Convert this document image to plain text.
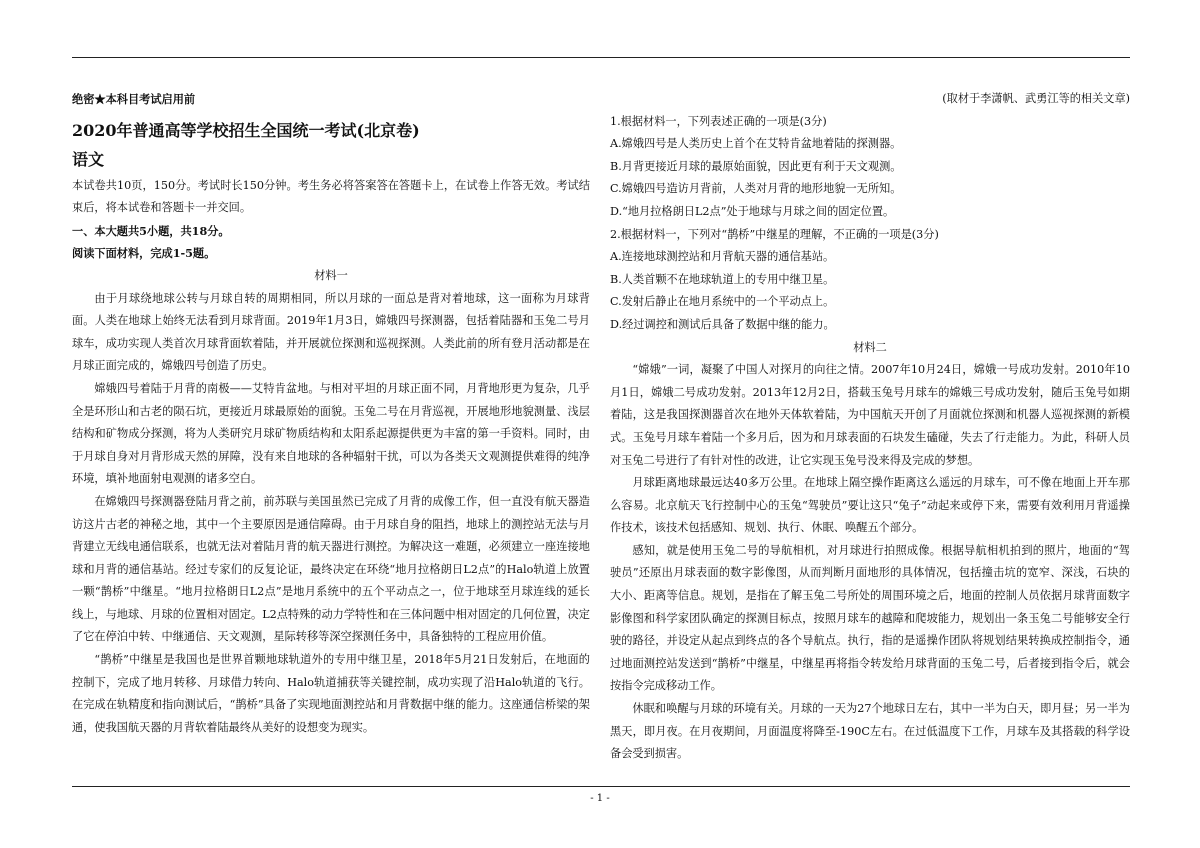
绝密★本科目考试启用前

2020年普通高等学校招生全国统一考试(北京卷)

语文

本试卷共10页，150分。考试时长150分钟。考生务必将答案答在答题卡上，在试卷上作答无效。考试结束后，将本试卷和答题卡一并交回。

一、本大题共5小题，共18分。

阅读下面材料，完成1-5题。

材料一

由于月球绕地球公转与月球自转的周期相同，所以月球的一面总是背对着地球，这一面称为月球背面。人类在地球上始终无法看到月球背面。2019年1月3日，嫦娥四号探测器，包括着陆器和玉兔二号月球车，成功实现人类首次月球背面软着陆，并开展就位探测和巡视探测。人类此前的所有登月活动都是在月球正面完成的，嫦娥四号创造了历史。

嫦娥四号着陆于月背的南极——艾特肯盆地。与相对平坦的月球正面不同，月背地形更为复杂，几乎全是环形山和古老的陨石坑，更接近月球最原始的面貌。玉兔二号在月背巡视，开展地形地貌测量、浅层结构和矿物成分探测，将为人类研究月球矿物质结构和太阳系起源提供更为丰富的第一手资料。同时，由于月球自身对月背形成天然的屏障，没有来自地球的各种辐射干扰，可以为各类天文观测提供难得的纯净环境，填补地面射电观测的诸多空白。

在嫦娥四号探测器登陆月背之前，前苏联与美国虽然已完成了月背的成像工作，但一直没有航天器造访这片古老的神秘之地，其中一个主要原因是通信障碍。由于月球自身的阻挡，地球上的测控站无法与月背建立无线电通信联系，也就无法对着陆月背的航天器进行测控。为解决这一难题，必须建立一座连接地球和月背的通信基站。经过专家们的反复论证，最终决定在环绕“地月拉格朗日L2点”的Halo轨道上放置一颗“鹊桥”中继星。“地月拉格朗日L2点”是地月系统中的五个平动点之一，位于地球至月球连线的延长线上，与地球、月球的位置相对固定。L2点特殊的动力学特性和在三体问题中相对固定的几何位置，决定了它在停泊中转、中继通信、天文观测，星际转移等深空探测任务中，具备独特的工程应用价值。

“鹊桥”中继星是我国也是世界首颗地球轨道外的专用中继卫星，2018年5月21日发射后，在地面的控制下，完成了地月转移、月球借力转向、Halo轨道捕获等关键控制，成功实现了沿Halo轨道的飞行。在完成在轨精度和指向测试后，“鹊桥”具备了实现地面测控站和月背数据中继的能力。这座通信桥梁的架通，使我国航天器的月背软着陆最终从美好的设想变为现实。

(取材于李潇帆、武勇江等的相关文章)

1.根据材料一，下列表述正确的一项是(3分)

A.嫦娥四号是人类历史上首个在艾特肯盆地着陆的探测器。

B.月背更接近月球的最原始面貌，因此更有利于天文观测。

C.嫦娥四号造访月背前，人类对月背的地形地貌一无所知。

D.“地月拉格朗日L2点”处于地球与月球之间的固定位置。

2.根据材料一，下列对“鹊桥”中继星的理解，不正确的一项是(3分)

A.连接地球测控站和月背航天器的通信基站。

B.人类首颗不在地球轨道上的专用中继卫星。

C.发射后静止在地月系统中的一个平动点上。

D.经过调控和测试后具备了数据中继的能力。

材料二

“嫦娥”一词，凝聚了中国人对探月的向往之情。2007年10月24日，嫦娥一号成功发射。2010年10月1日，嫦娥二号成功发射。2013年12月2日，搭载玉兔号月球车的嫦娥三号成功发射，随后玉兔号如期着陆，这是我国探测器首次在地外天体软着陆，为中国航天开创了月面就位探测和机器人巡视探测的新模式。玉兔号月球车着陆一个多月后，因为和月球表面的石块发生磕碰，失去了行走能力。为此，科研人员对玉兔二号进行了有针对性的改进，让它实现玉兔号没来得及完成的梦想。

月球距离地球最远达40多万公里。在地球上隔空操作距离这么遥远的月球车，可不像在地面上开车那么容易。北京航天飞行控制中心的玉兔“驾驶员”要让这只“兔子”动起来或停下来，需要有效利用月背遥操作技术，该技术包括感知、规划、执行、休眠、唤醒五个部分。

感知，就是使用玉兔二号的导航相机，对月球进行拍照成像。根据导航相机拍到的照片，地面的“驾驶员”还原出月球表面的数字影像图，从而判断月面地形的具体情况，包括撞击坑的宽窄、深浅，石块的大小、距离等信息。规划，是指在了解玉兔二号所处的周围环境之后，地面的控制人员依据月球背面数字影像图和科学家团队确定的探测目标点，按照月球车的越障和爬坡能力，规划出一条玉兔二号能够安全行驶的路径，并设定从起点到终点的各个导航点。执行，指的是遥操作团队将规划结果转换成控制指令，通过地面测控站发送到“鹊桥”中继星，中继星再将指令转发给月球背面的玉兔二号，后者接到指令后，就会按指令完成移动工作。

休眠和唤醒与月球的环境有关。月球的一天为27个地球日左右，其中一半为白天，即月昼；另一半为黑天，即月夜。在月夜期间，月面温度将降至-190C左右。在过低温度下工作，月球车及其搭载的科学设备会受到损害。

- 1 -
